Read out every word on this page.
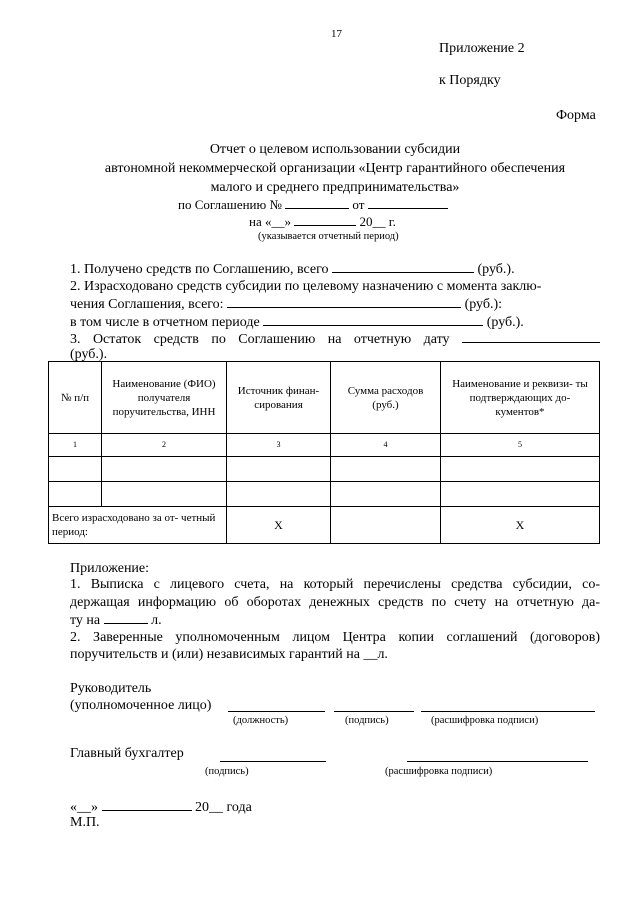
17
Приложение 2
к Порядку
Форма
Отчет о целевом использовании субсидии
автономной некоммерческой организации «Центр гарантийного обеспечения
малого и среднего предпринимательства»
по Соглашению №	от
на «__»	20__ г.
(указывается отчетный период)
1. Получено средств по Соглашению, всего	(руб.).
2. Израсходовано средств субсидии по целевому назначению с момента заклю-
чения Соглашения, всего:	(руб.):
в том числе в отчетном периоде	(руб.).
3. Остаток средств по Соглашению на отчетную дату
(руб.).
№ п/п	Наименование (ФИО) получателя поручительства, ИНН	Источник финан- сирования	Сумма расходов (руб.)	Наименование и реквизи- ты подтверждающих до- кументов*
1	2	3	4	5

Всего израсходовано за от- четный период:		Х		Х
Приложение:
1. Выписка с лицевого счета, на который перечислены средства субсидии, со-
держащая информацию об оборотах денежных средств по счету на отчетную да-
ту на	л.
2. Заверенные уполномоченным лицом Центра копии соглашений (договоров)
поручительств и (или) независимых гарантий на __л.
Руководитель
(уполномоченное лицо)
(должность)	(подпись)	(расшифровка подписи)
Главный бухгалтер
(подпись)	(расшифровка подписи)
«__»	20__ года
М.П.
